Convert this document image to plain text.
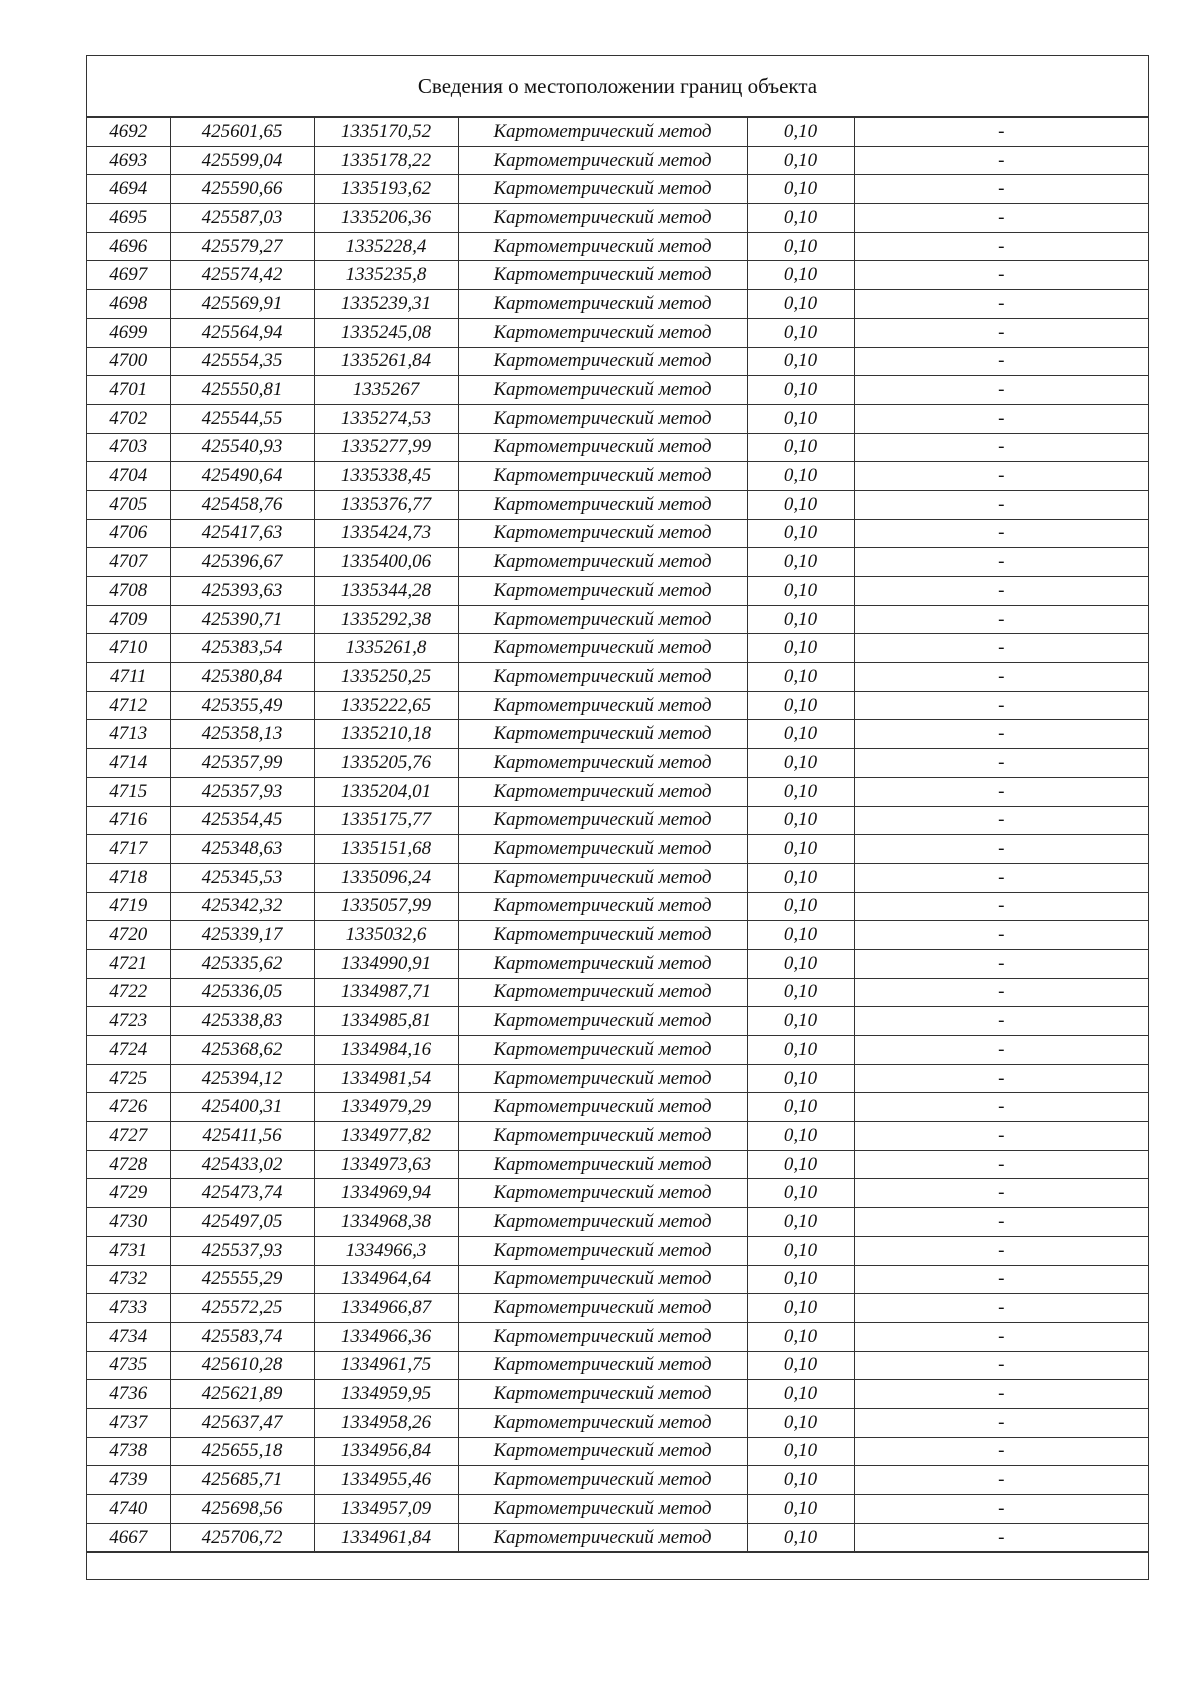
Сведения о местоположении границ объекта
4692	425601,65	1335170,52	Картометрический метод	0,10	-
4693	425599,04	1335178,22	Картометрический метод	0,10	-
4694	425590,66	1335193,62	Картометрический метод	0,10	-
4695	425587,03	1335206,36	Картометрический метод	0,10	-
4696	425579,27	1335228,4	Картометрический метод	0,10	-
4697	425574,42	1335235,8	Картометрический метод	0,10	-
4698	425569,91	1335239,31	Картометрический метод	0,10	-
4699	425564,94	1335245,08	Картометрический метод	0,10	-
4700	425554,35	1335261,84	Картометрический метод	0,10	-
4701	425550,81	1335267	Картометрический метод	0,10	-
4702	425544,55	1335274,53	Картометрический метод	0,10	-
4703	425540,93	1335277,99	Картометрический метод	0,10	-
4704	425490,64	1335338,45	Картометрический метод	0,10	-
4705	425458,76	1335376,77	Картометрический метод	0,10	-
4706	425417,63	1335424,73	Картометрический метод	0,10	-
4707	425396,67	1335400,06	Картометрический метод	0,10	-
4708	425393,63	1335344,28	Картометрический метод	0,10	-
4709	425390,71	1335292,38	Картометрический метод	0,10	-
4710	425383,54	1335261,8	Картометрический метод	0,10	-
4711	425380,84	1335250,25	Картометрический метод	0,10	-
4712	425355,49	1335222,65	Картометрический метод	0,10	-
4713	425358,13	1335210,18	Картометрический метод	0,10	-
4714	425357,99	1335205,76	Картометрический метод	0,10	-
4715	425357,93	1335204,01	Картометрический метод	0,10	-
4716	425354,45	1335175,77	Картометрический метод	0,10	-
4717	425348,63	1335151,68	Картометрический метод	0,10	-
4718	425345,53	1335096,24	Картометрический метод	0,10	-
4719	425342,32	1335057,99	Картометрический метод	0,10	-
4720	425339,17	1335032,6	Картометрический метод	0,10	-
4721	425335,62	1334990,91	Картометрический метод	0,10	-
4722	425336,05	1334987,71	Картометрический метод	0,10	-
4723	425338,83	1334985,81	Картометрический метод	0,10	-
4724	425368,62	1334984,16	Картометрический метод	0,10	-
4725	425394,12	1334981,54	Картометрический метод	0,10	-
4726	425400,31	1334979,29	Картометрический метод	0,10	-
4727	425411,56	1334977,82	Картометрический метод	0,10	-
4728	425433,02	1334973,63	Картометрический метод	0,10	-
4729	425473,74	1334969,94	Картометрический метод	0,10	-
4730	425497,05	1334968,38	Картометрический метод	0,10	-
4731	425537,93	1334966,3	Картометрический метод	0,10	-
4732	425555,29	1334964,64	Картометрический метод	0,10	-
4733	425572,25	1334966,87	Картометрический метод	0,10	-
4734	425583,74	1334966,36	Картометрический метод	0,10	-
4735	425610,28	1334961,75	Картометрический метод	0,10	-
4736	425621,89	1334959,95	Картометрический метод	0,10	-
4737	425637,47	1334958,26	Картометрический метод	0,10	-
4738	425655,18	1334956,84	Картометрический метод	0,10	-
4739	425685,71	1334955,46	Картометрический метод	0,10	-
4740	425698,56	1334957,09	Картометрический метод	0,10	-
4667	425706,72	1334961,84	Картометрический метод	0,10	-
